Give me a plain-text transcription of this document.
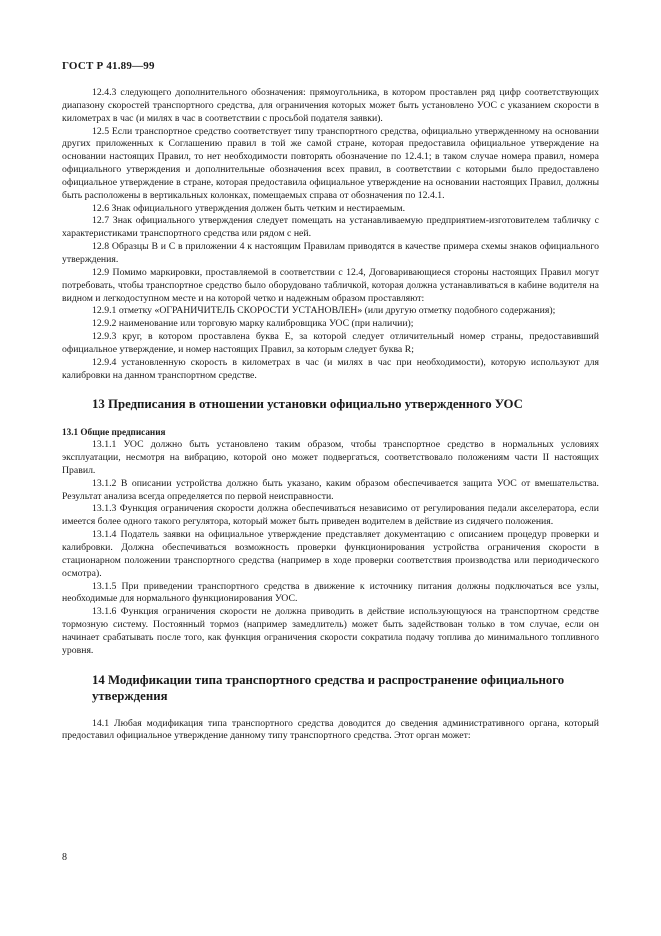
ГОСТ Р 41.89—99

12.4.3 следующего дополнительного обозначения: прямоугольника, в котором проставлен ряд цифр соответствующих диапазону скоростей транспортного средства, для ограничения которых может быть установлено УОС с указанием скорости в километрах в час (и милях в час в соответствии с просьбой подателя заявки).

12.5 Если транспортное средство соответствует типу транспортного средства, официально утвержденному на основании других приложенных к Соглашению правил в той же самой стране, которая предоставила официальное утверждение на основании настоящих Правил, то нет необходимости повторять обозначение по 12.4.1; в таком случае номера правил, номера официального утверждения и дополнительные обозначения всех правил, в соответствии с которыми было предоставлено официальное утверждение в стране, которая предоставила официальное утверждение на основании настоящих Правил, должны быть расположены в вертикальных колонках, помещаемых справа от обозначения по 12.4.1.

12.6 Знак официального утверждения должен быть четким и нестираемым.

12.7 Знак официального утверждения следует помещать на устанавливаемую предприятием-изготовителем табличку с характеристиками транспортного средства или рядом с ней.

12.8 Образцы В и С в приложении 4 к настоящим Правилам приводятся в качестве примера схемы знаков официального утверждения.

12.9 Помимо маркировки, проставляемой в соответствии с 12.4, Договаривающиеся стороны настоящих Правил могут потребовать, чтобы транспортное средство было оборудовано табличкой, которая должна устанавливаться в кабине водителя на видном и легкодоступном месте и на которой четко и надежным образом проставляют:

12.9.1 отметку «ОГРАНИЧИТЕЛЬ СКОРОСТИ УСТАНОВЛЕН» (или другую отметку подобного содержания);

12.9.2 наименование или торговую марку калибровщика УОС (при наличии);

12.9.3 круг, в котором проставлена буква Е, за которой следует отличительный номер страны, предоставивший официальное утверждение, и номер настоящих Правил, за которым следует буква R;

12.9.4 установленную скорость в километрах в час (и милях в час при необходимости), которую используют для калибровки на данном транспортном средстве.

13 Предписания в отношении установки официально утвержденного УОС
13.1 Общие предписания

13.1.1 УОС должно быть установлено таким образом, чтобы транспортное средство в нормальных условиях эксплуатации, несмотря на вибрацию, которой оно может подвергаться, соответствовало положениям части II настоящих Правил.

13.1.2 В описании устройства должно быть указано, каким образом обеспечивается защита УОС от вмешательства. Результат анализа всегда определяется по первой неисправности.

13.1.3 Функция ограничения скорости должна обеспечиваться независимо от регулирования педали акселератора, если имеется более одного такого регулятора, который может быть приведен водителем в действие из сидячего положения.

13.1.4 Податель заявки на официальное утверждение представляет документацию с описанием процедур проверки и калибровки. Должна обеспечиваться возможность проверки функционирования устройства ограничения скорости в стационарном положении транспортного средства (например в ходе проверки соответствия производства или периодического осмотра).

13.1.5 При приведении транспортного средства в движение к источнику питания должны подключаться все узлы, необходимые для нормального функционирования УОС.

13.1.6 Функция ограничения скорости не должна приводить в действие использующуюся на транспортном средстве тормозную систему. Постоянный тормоз (например замедлитель) может быть задействован только в том случае, если он начинает срабатывать после того, как функция ограничения скорости сократила подачу топлива до минимального топливного уровня.

14 Модификации типа транспортного средства и распространение официального утверждения

14.1 Любая модификация типа транспортного средства доводится до сведения административного органа, который предоставил официальное утверждение данному типу транспортного средства. Этот орган может:

8
